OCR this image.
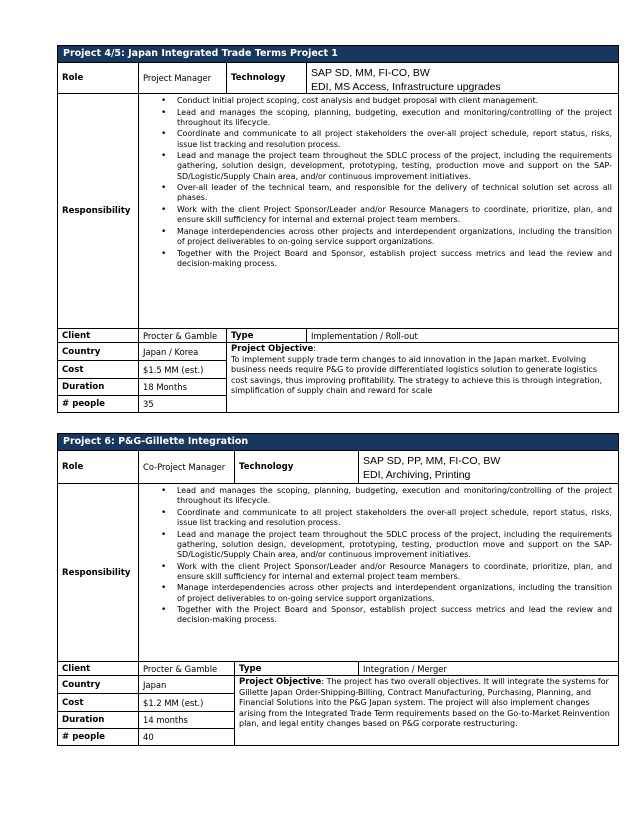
Project 4/5: Japan Integrated Trade Terms Project 1
Role	Project Manager	Technology	SAP SD, MM, FI-CO, BW
EDI, MS Access, Infrastructure upgrades
Responsibility
• Conduct initial project scoping, cost analysis and budget proposal with client management.
• Lead and manages the scoping, planning, budgeting, execution and monitoring/controlling of the project throughout its lifecycle.
• Coordinate and communicate to all project stakeholders the over-all project schedule, report status, risks, issue list tracking and resolution process.
• Lead and manage the project team throughout the SDLC process of the project, including the requirements gathering, solution design, development, prototyping, testing, production move and support on the SAP-SD/Logistic/Supply Chain area, and/or continuous improvement initiatives.
• Over-all leader of the technical team, and responsible for the delivery of technical solution set across all phases.
• Work with the client Project Sponsor/Leader and/or Resource Managers to coordinate, prioritize, plan, and ensure skill sufficiency for internal and external project team members.
• Manage interdependencies across other projects and interdependent organizations, including the transition of project deliverables to on-going service support organizations.
• Together with the Project Board and Sponsor, establish project success metrics and lead the review and decision-making process.
Client	Procter & Gamble	Type	Implementation / Roll-out
Country	Japan / Korea
Cost	$1.5 MM (est.)
Duration	18 Months
# people	35
Project Objective:
To implement supply trade term changes to aid innovation in the Japan market. Evolving business needs require P&G to provide differentiated logistics solution to generate logistics cost savings, thus improving profitability. The strategy to achieve this is through integration, simplification of supply chain and reward for scale
Project 6: P&G-Gillette Integration
Role	Co-Project Manager	Technology	SAP SD, PP, MM, FI-CO, BW
EDI, Archiving, Printing
Responsibility
• Lead and manages the scoping, planning, budgeting, execution and monitoring/controlling of the project throughout its lifecycle.
• Coordinate and communicate to all project stakeholders the over-all project schedule, report status, risks, issue list tracking and resolution process.
• Lead and manage the project team throughout the SDLC process of the project, including the requirements gathering, solution design, development, prototyping, testing, production move and support on the SAP-SD/Logistic/Supply Chain area, and/or continuous improvement initiatives.
• Work with the client Project Sponsor/Leader and/or Resource Managers to coordinate, prioritize, plan, and ensure skill sufficiency for internal and external project team members.
• Manage interdependencies across other projects and interdependent organizations, including the transition of project deliverables to on-going service support organizations.
• Together with the Project Board and Sponsor, establish project success metrics and lead the review and decision-making process.
Client	Procter & Gamble	Type	Integration / Merger
Country	Japan
Cost	$1.2 MM (est.)
Duration	14 months
# people	40
Project Objective: The project has two overall objectives. It will integrate the systems for Gillette Japan Order-Shipping-Billing, Contract Manufacturing, Purchasing, Planning, and Financial Solutions into the P&G Japan system. The project will also implement changes arising from the Integrated Trade Term requirements based on the Go-to-Market Reinvention plan, and legal entity changes based on P&G corporate restructuring.
